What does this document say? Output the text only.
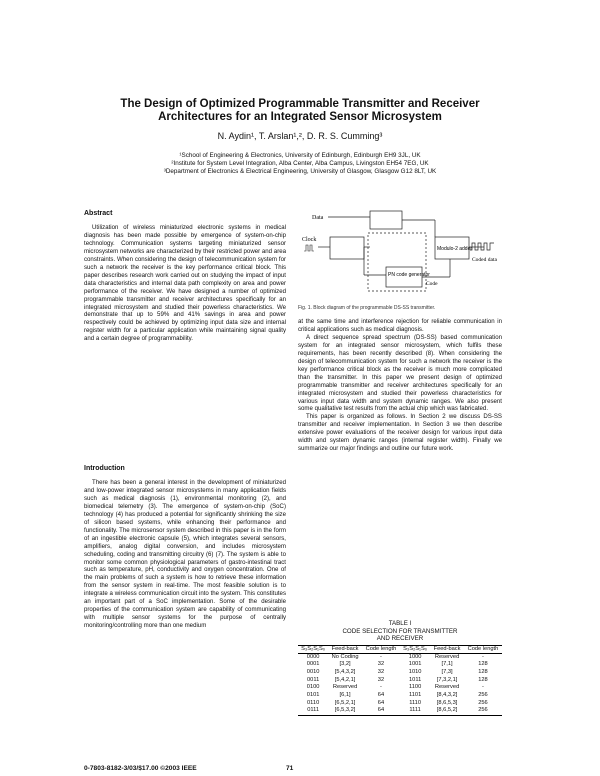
The Design of Optimized Programmable Transmitter and Receiver
Architectures for an Integrated Sensor Microsystem
N. Aydin¹, T. Arslan¹,², D. R. S. Cumming³
¹School of Engineering & Electronics, University of Edinburgh, Edinburgh EH9 3JL, UK
²Institute for System Level Integration, Alba Center, Alba Campus, Livingston EH54 7EG, UK
³Department of Electronics & Electrical Engineering, University of Glasgow, Glasgow G12 8LT, UK
Abstract

Utilization of wireless miniaturized electronic systems in medical diagnosis has been made possible by emergence of system-on-chip technology. Communication systems targeting miniaturized sensor microsystem networks are characterized by their restricted power and area constraints. When considering the design of telecommunication system for such a network the receiver is the key performance critical block. This paper describes research work carried out on studying the impact of input data characteristics and internal data path complexity on area and power performance of the receiver. We have designed a number of optimized programmable transmitter and receiver architectures specifically for an integrated microsystem and studied their powerless characteristics. We demonstrate that up to 59% and 41% savings in area and power respectively could be achieved by optimizing input data size and internal register width for a particular application while maintaining signal quality and a certain degree of programmability.

Introduction

There has been a general interest in the development of miniaturized and low-power integrated sensor microsystems in many application fields such as medical diagnosis (1), environmental monitoring (2), and biomedical telemetry (3). The emergence of system-on-chip (SoC) technology (4) has produced a potential for significantly shrinking the size of silicon based systems, while enhancing their performance and functionality. The microsensor system described in this paper is in the form of an ingestible electronic capsule (5), which integrates several sensors, amplifiers, analog digital conversion, and includes microsystem scheduling, coding and transmitting circuitry (6) (7). The system is able to monitor some common physiological parameters of gastro-intestinal tract such as temperature, pH, conductivity and oxygen concentration. One of the main problems of such a system is how to retrieve these information from the sensor system in real-time. The most feasible solution is to integrate a wireless communication circuit into the system. This constitutes an important part of a SoC implementation. Some of the desirable properties of the communication system are capability of communicating with multiple sensor systems for the purpose of centrally monitoring/controlling more than one medium

Data
Clock
PN code generator
Code
Modulo-2 adder
Coded data
Fig. 1. Block diagram of the programmable DS-SS transmitter.

at the same time and interference rejection for reliable communication in critical applications such as medical diagnosis.

A direct sequence spread spectrum (DS-SS) based communication system for an integrated sensor microsystem, which fulfils these requirements, has been recently described (8). When considering the design of telecommunication system for such a network the receiver is the key performance critical block as the receiver is much more complicated than the transmitter. In this paper we present design of optimized programmable transmitter and receiver architectures specifically for an integrated microsystem and studied their powerless characteristics for various input data width and system dynamic ranges. We also present some qualitative test results from the actual chip which was fabricated.

This paper is organized as follows. In Section 2 we discuss DS-SS transmitter and receiver implementation. In Section 3 we then describe extensive power evaluations of the receiver design for various input data width and system dynamic ranges (internal register width). Finally we summarize our major findings and outline our future work.

TABLE I
CODE SELECTION FOR TRANSMITTER
AND RECEIVER
S₃S₂S₁S₀	Feed-back	Code length	S₃S₂S₁S₀	Feed-back	Code length
0000	No Coding	-	1000	Reserved	-
0001	[3,2]	32	1001	[7,1]	128
0010	[5,4,3,2]	32	1010	[7,3]	128
0011	[5,4,2,1]	32	1011	[7,3,2,1]	128
0100	Reserved	-	1100	Reserved	-
0101	[6,1]	64	1101	[8,4,3,2]	256
0110	[6,5,2,1]	64	1110	[8,6,5,3]	256
0111	[6,5,3,2]	64	1111	[8,6,5,2]	256
0-7803-8182-3/03/$17.00 ©2003 IEEE	71
